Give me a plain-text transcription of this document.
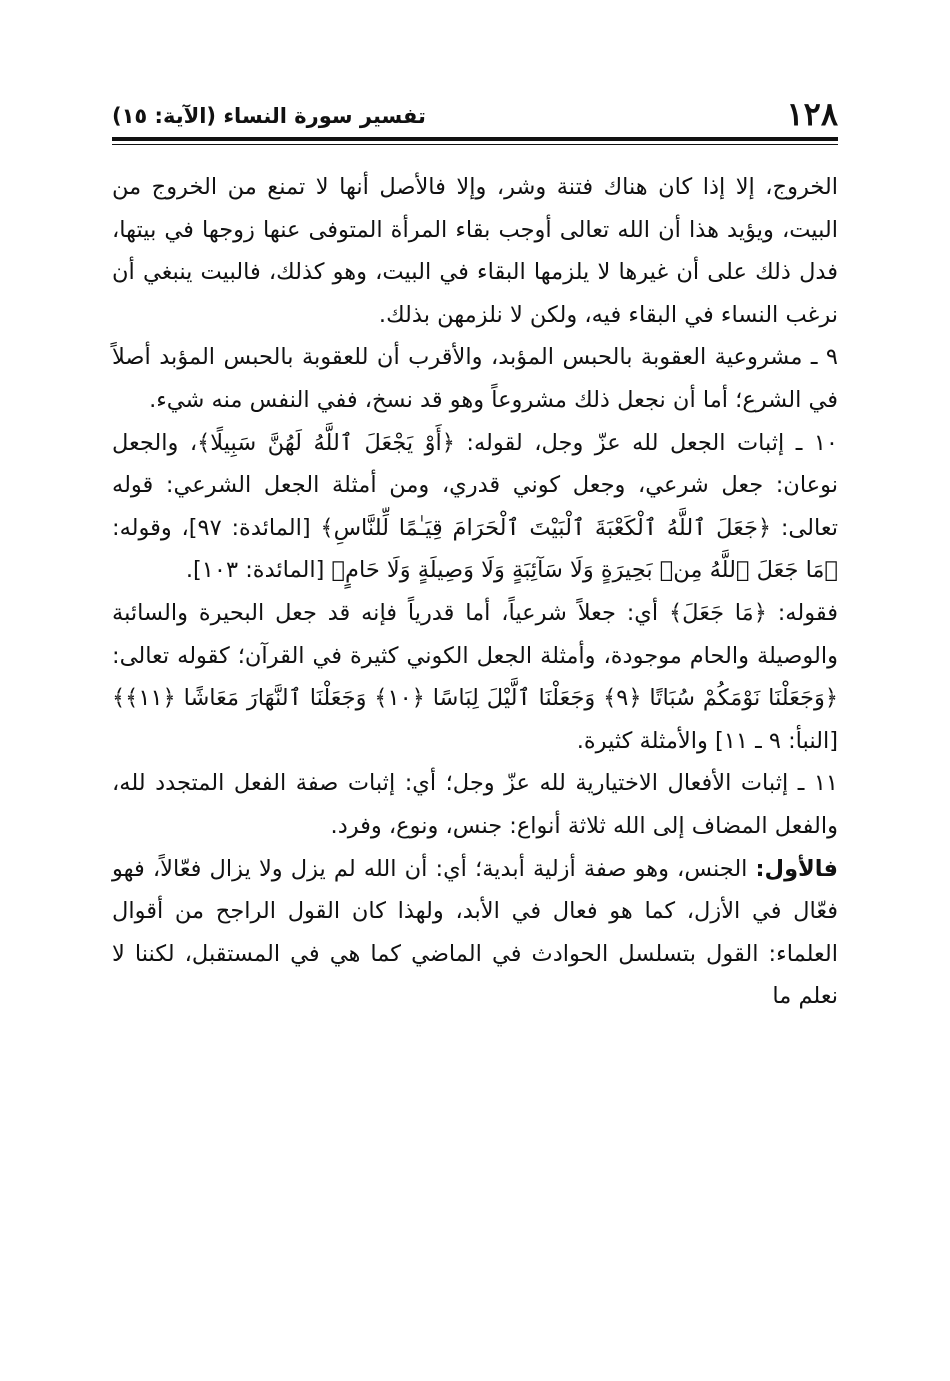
١٢٨
تفسير سورة النساء (الآية: ١٥)

الخروج، إلا إذا كان هناك فتنة وشر، وإلا فالأصل أنها لا تمنع من الخروج من البيت، ويؤيد هذا أن الله تعالى أوجب بقاء المرأة المتوفى عنها زوجها في بيتها، فدل ذلك على أن غيرها لا يلزمها البقاء في البيت، وهو كذلك، فالبيت ينبغي أن نرغب النساء في البقاء فيه، ولكن لا نلزمهن بذلك.

٩ ـ مشروعية العقوبة بالحبس المؤبد، والأقرب أن للعقوبة بالحبس المؤبد أصلاً في الشرع؛ أما أن نجعل ذلك مشروعاً وهو قد نسخ، ففي النفس منه شيء.

١٠ ـ إثبات الجعل لله عزّ وجل، لقوله: ﴿أَوْ يَجْعَلَ ٱللَّهُ لَهُنَّ سَبِيلًا﴾، والجعل نوعان: جعل شرعي، وجعل كوني قدري، ومن أمثلة الجعل الشرعي: قوله تعالى: ﴿جَعَلَ ٱللَّهُ ٱلْكَعْبَةَ ٱلْبَيْتَ ٱلْحَرَامَ قِيَـٰمًا لِّلنَّاسِ﴾ [المائدة: ٩٧]، وقوله: ﴿مَا جَعَلَ ٱللَّهُ مِنۢ بَحِيرَةٍ وَلَا سَآئِبَةٍ وَلَا وَصِيلَةٍ وَلَا حَامٍ﴾ [المائدة: ١٠٣].

فقوله: ﴿مَا جَعَلَ﴾ أي: جعلاً شرعياً، أما قدرياً فإنه قد جعل البحيرة والسائبة والوصيلة والحام موجودة، وأمثلة الجعل الكوني كثيرة في القرآن؛ كقوله تعالى: ﴿وَجَعَلْنَا نَوْمَكُمْ سُبَاتًا ﴿٩﴾ وَجَعَلْنَا ٱلَّيْلَ لِبَاسًا ﴿١٠﴾ وَجَعَلْنَا ٱلنَّهَارَ مَعَاشًا ﴿١١﴾﴾ [النبأ: ٩ ـ ١١] والأمثلة كثيرة.

١١ ـ إثبات الأفعال الاختيارية لله عزّ وجل؛ أي: إثبات صفة الفعل المتجدد لله، والفعل المضاف إلى الله ثلاثة أنواع: جنس، ونوع، وفرد.

فالأول: الجنس، وهو صفة أزلية أبدية؛ أي: أن الله لم يزل ولا يزال فعّالاً، فهو فعّال في الأزل، كما هو فعال في الأبد، ولهذا كان القول الراجح من أقوال العلماء: القول بتسلسل الحوادث في الماضي كما هي في المستقبل، لكننا لا نعلم ما
